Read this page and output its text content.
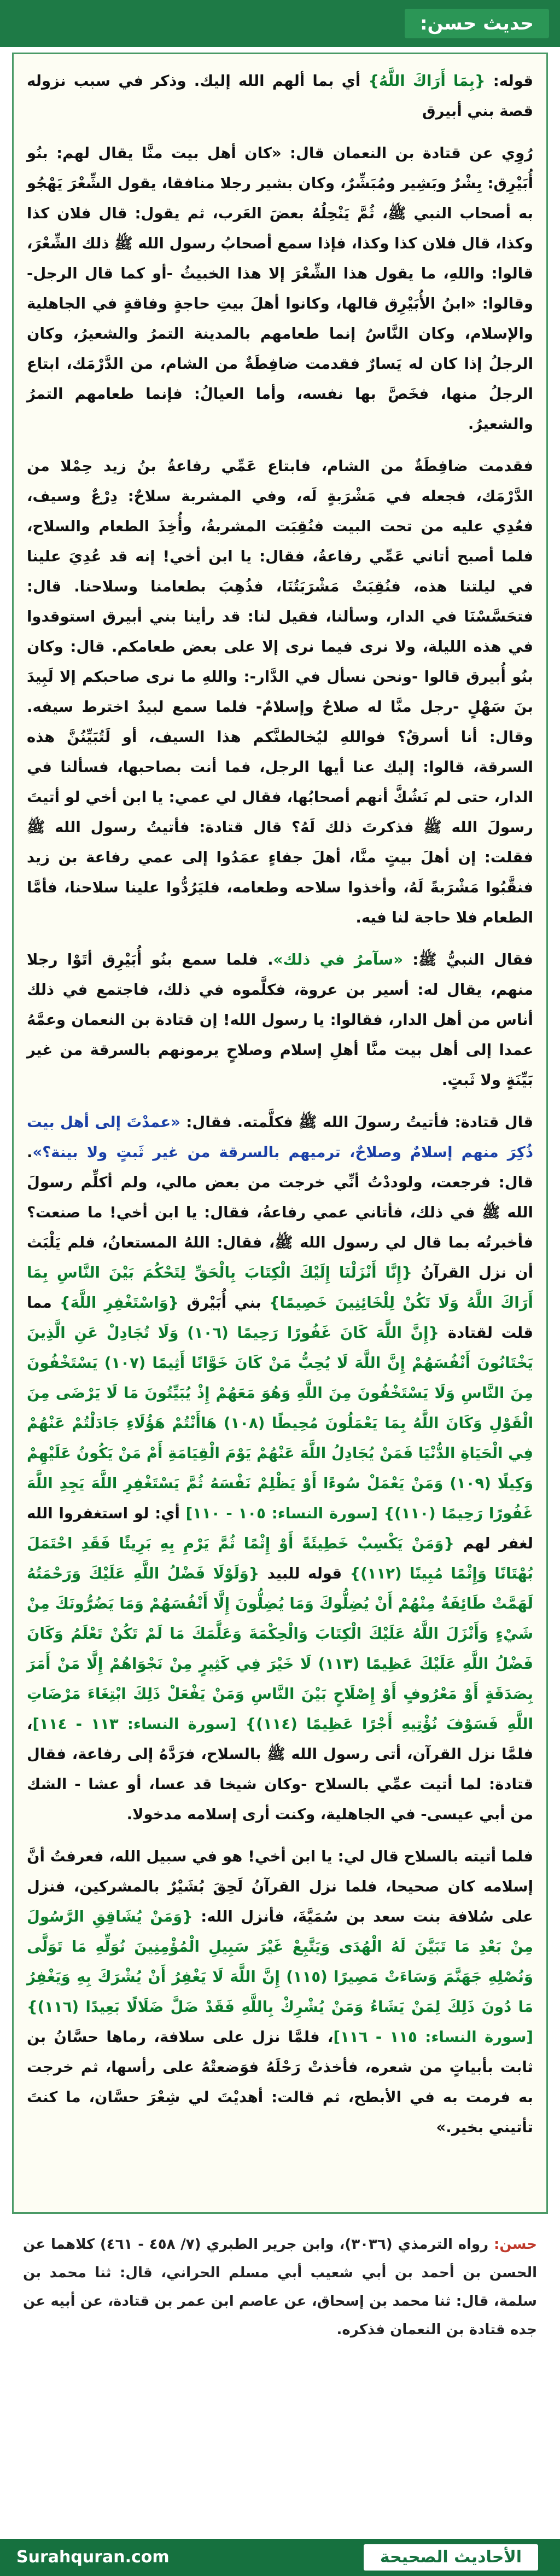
حديث حسن:

قوله: {بِمَا أَرَاكَ اللَّهُ} أي بما ألهم الله إليك. وذكر في سبب نزوله قصة بني أبيرق

رُوِي عن قتادة بن النعمان قال: «كان أهل بيت منَّا يقال لهم: بنُو أُبَيْرِق: بِشْرٌ وبَشِير ومُبَشِّرٌ، وكان بشير رجلا منافقا، يقول الشِّعْرَ يَهْجُو به أصحاب النبي ﷺ، ثُمَّ يَنْحِلُهُ بعضَ العَرب، ثم يقول: قال فلان كذا وكذا، قال فلان كذا وكذا، فإذا سمع أصحابُ رسول الله ﷺ ذلك الشِّعْرَ، قالوا: واللهِ، ما يقول هذا الشِّعْرَ إلا هذا الخبيثُ -أو كما قال الرجل- وقالوا: «ابنُ الأُبَيْرِق قالها، وكانوا أهلَ بيتِ حاجةٍ وفاقةٍ في الجاهلية والإسلام، وكان النَّاسُ إنما طعامهم بالمدينة التمرُ والشعيرُ، وكان الرجلُ إذا كان له يَسارٌ فقدمت ضافِطَةٌ من الشام، من الدَّرْمَك، ابتاع الرجلُ منها، فخَصَّ بها نفسه، وأما العيالُ: فإنما طعامهم التمرُ والشعيرُ.

فقدمت ضافِطَةٌ من الشام، فابتاع عَمِّي رفاعةُ بنُ زيد حِمْلا من الدَّرْمَك، فجعله في مَشْرَبةٍ لَه، وفي المشربة سلاحٌ: دِرْعٌ وسيف، فعُدِي عليه من تحت البيت فنُقِبَت المشربةُ، وأُخِذَ الطعام والسلاح، فلما أصبح أتاني عَمِّي رفاعةُ، فقال: يا ابن أخي! إنه قد عُدِيَ علينا في ليلتنا هذه، فنُقِبَتْ مَشْرَبَتُنَا، فذُهِبَ بطعامنا وسلاحنا. قال: فتحَسَّسْنَا في الدار، وسألنا، فقيل لنا: قد رأينا بني أبيرق استوقدوا في هذه الليلة، ولا نرى فيما نرى إلا على بعض طعامكم. قال: وكان بنُو أُبيرق قالوا -ونحن نسأل في الدَّار-: واللهِ ما نرى صاحبكم إلا لَبِيدَ بنَ سَهْلٍ -رجل منَّا له صلاحٌ وإسلامٌ- فلما سمع لبيدٌ اخترط سيفه. وقال: أنا أسرقُ؟ فواللهِ ليُخالطنَّكم هذا السيف، أو لَتُبَيِّنُنَّ هذه السرقة، قالوا: إليك عنا أيها الرجل، فما أنت بصاحبها، فسألنا في الدار، حتى لم نَشُكَّ أنهم أصحابُها، فقال لي عمي: يا ابن أخي لو أتيتَ رسولَ الله ﷺ فذكرتَ ذلك لَهُ؟ قال قتادة: فأتيتُ رسول الله ﷺ فقلت: إن أهلَ بيتٍ منَّا، أهلَ جفاءٍ عمَدُوا إلى عمي رفاعة بن زيد فنقَّبُوا مَشْرَبةً لَهُ، وأخذوا سلاحه وطعامه، فليَرُدُّوا علينا سلاحنا، فأمَّا الطعام فلا حاجة لنا فيه.

فقال النبيُّ ﷺ: «سآمرُ في ذلك». فلما سمع بنُو أُبَيْرِق أتَوْا رجلا منهم، يقال له: أسير بن عروة، فكلَّموه في ذلك، فاجتمع في ذلك أناس من أهل الدار، فقالوا: يا رسول الله! إن قتادة بن النعمان وعمَّهُ عمدا إلى أهل بيت منَّا أهلِ إسلام وصلاحٍ يرمونهم بالسرقة من غير بَيِّنَةٍ ولا ثَبتٍ.

قال قتادة: فأتيتُ رسولَ الله ﷺ فكلَّمته. فقال: «عمدْتَ إلى أهل بيت ذُكِرَ منهم إسلامٌ وصلاحٌ، ترميهم بالسرقة من غير ثَبتٍ ولا بينة؟». قال: فرجعت، ولوددْتُ أنِّي خرجت من بعض مالي، ولم أكلِّم رسولَ الله ﷺ في ذلك، فأتاني عمي رفاعةُ، فقال: يا ابن أخي! ما صنعت؟ فأخبرتُه بما قال لي رسول الله ﷺ، فقال: اللهُ المستعانُ، فلم يَلْبَث أن نزل القرآنُ {إِنَّا أَنْزَلْنَا إِلَيْكَ الْكِتَابَ بِالْحَقِّ لِتَحْكُمَ بَيْنَ النَّاسِ بِمَا أَرَاكَ اللَّهُ وَلَا تَكُنْ لِلْخَائِنِينَ خَصِيمًا} بني أُبَيْرق {وَاسْتَغْفِرِ اللَّهَ} مما قلت لقتادة {إِنَّ اللَّهَ كَانَ غَفُورًا رَحِيمًا (١٠٦) وَلَا تُجَادِلْ عَنِ الَّذِينَ يَخْتَانُونَ أَنْفُسَهُمْ إِنَّ اللَّهَ لَا يُحِبُّ مَنْ كَانَ خَوَّانًا أَثِيمًا (١٠٧) يَسْتَخْفُونَ مِنَ النَّاسِ وَلَا يَسْتَخْفُونَ مِنَ اللَّهِ وَهُوَ مَعَهُمْ إِذْ يُبَيِّتُونَ مَا لَا يَرْضَى مِنَ الْقَوْلِ وَكَانَ اللَّهُ بِمَا يَعْمَلُونَ مُحِيطًا (١٠٨) هَاأَنْتُمْ هَؤُلَاءِ جَادَلْتُمْ عَنْهُمْ فِي الْحَيَاةِ الدُّنْيَا فَمَنْ يُجَادِلُ اللَّهَ عَنْهُمْ يَوْمَ الْقِيَامَةِ أَمْ مَنْ يَكُونُ عَلَيْهِمْ وَكِيلًا (١٠٩) وَمَنْ يَعْمَلْ سُوءًا أَوْ يَظْلِمْ نَفْسَهُ ثُمَّ يَسْتَغْفِرِ اللَّهَ يَجِدِ اللَّهَ غَفُورًا رَحِيمًا (١١٠)} [سورة النساء: ١٠٥ - ١١٠] أي: لو استغفروا الله لغفر لهم {وَمَنْ يَكْسِبْ خَطِيئَةً أَوْ إِثْمًا ثُمَّ يَرْمِ بِهِ بَرِيئًا فَقَدِ احْتَمَلَ بُهْتَانًا وَإِثْمًا مُبِينًا (١١٢)} قوله للبيد {وَلَوْلَا فَضْلُ اللَّهِ عَلَيْكَ وَرَحْمَتُهُ لَهَمَّتْ طَائِفَةٌ مِنْهُمْ أَنْ يُضِلُّوكَ وَمَا يُضِلُّونَ إِلَّا أَنْفُسَهُمْ وَمَا يَضُرُّونَكَ مِنْ شَيْءٍ وَأَنْزَلَ اللَّهُ عَلَيْكَ الْكِتَابَ وَالْحِكْمَةَ وَعَلَّمَكَ مَا لَمْ تَكُنْ تَعْلَمُ وَكَانَ فَضْلُ اللَّهِ عَلَيْكَ عَظِيمًا (١١٣) لَا خَيْرَ فِي كَثِيرٍ مِنْ نَجْوَاهُمْ إِلَّا مَنْ أَمَرَ بِصَدَقَةٍ أَوْ مَعْرُوفٍ أَوْ إِصْلَاحٍ بَيْنَ النَّاسِ وَمَنْ يَفْعَلْ ذَلِكَ ابْتِغَاءَ مَرْضَاتِ اللَّهِ فَسَوْفَ نُؤْتِيهِ أَجْرًا عَظِيمًا (١١٤)} [سورة النساء: ١١٣ - ١١٤]، فلمَّا نزل القرآن، أتى رسول الله ﷺ بالسلاح، فرَدَّهُ إلى رفاعة، فقال قتادة: لما أتيت عمِّي بالسلاح -وكان شيخا قد عسا، أو عشا - الشك من أبي عيسى- في الجاهلية، وكنت أرى إسلامه مدخولا.

فلما أتيته بالسلاح قال لي: يا ابن أخي! هو في سبيل الله، فعرفتُ أنَّ إسلامه كان صحيحا، فلما نزل القرآنُ لَحِقَ بُشَيْرٌ بالمشركين، فنزل على سُلافة بنت سعد بن سُمَيَّةَ، فأنزل الله: {وَمَنْ يُشَاقِقِ الرَّسُولَ مِنْ بَعْدِ مَا تَبَيَّنَ لَهُ الْهُدَى وَيَتَّبِعْ غَيْرَ سَبِيلِ الْمُؤْمِنِينَ نُوَلِّهِ مَا تَوَلَّى وَنُصْلِهِ جَهَنَّمَ وَسَاءَتْ مَصِيرًا (١١٥) إِنَّ اللَّهَ لَا يَغْفِرُ أَنْ يُشْرَكَ بِهِ وَيَغْفِرُ مَا دُونَ ذَلِكَ لِمَنْ يَشَاءُ وَمَنْ يُشْرِكْ بِاللَّهِ فَقَدْ ضَلَّ ضَلَالًا بَعِيدًا (١١٦)} [سورة النساء: ١١٥ - ١١٦]، فلمَّا نزل على سلافة، رماها حسَّانُ بن ثابت بأبياتٍ من شعره، فأخذتْ رَحْلَهُ فوَضعتْهُ على رأسها، ثم خرجت به فرمت به في الأبطح، ثم قالت: أهديْتَ لي شِعْرَ حسَّان، ما كنتَ تأتيني بخير.»

حسن: رواه الترمذي (٣٠٣٦)، وابن جرير الطبري (٧/ ٤٥٨ - ٤٦١) كلاهما عن الحسن بن أحمد بن أبي شعيب أبي مسلم الحراني، قال: ثنا محمد بن سلمة، قال: ثنا محمد بن إسحاق، عن عاصم ابن عمر بن قتادة، عن أبيه عن جده قتادة بن النعمان فذكره.

Surahquran.com	الأحاديث الصحيحة
